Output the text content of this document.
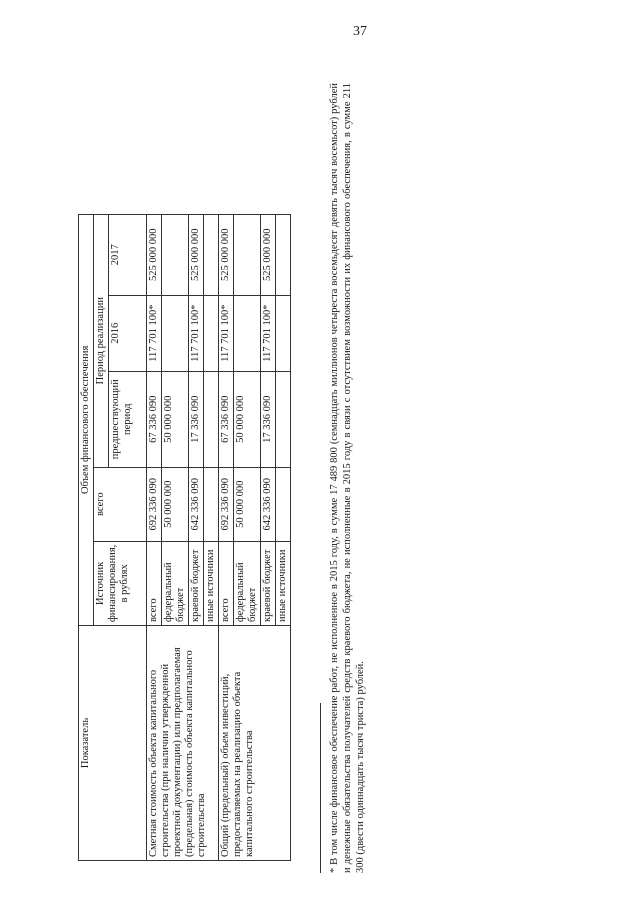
37
Показатель	Объем финансового обеспечения				
	Источник финансирования, в рублях	всего	Период реализации		
			предшествующий период	2016	2017
Сметная стоимость объекта капитального строительства (при наличии утвержденной проектной документации) или предполагаемая (предельная) стоимость объекта капитального строительства	всего	692 336 090	67 336 090	117 701 100*	525 000 000
	федеральный бюджет	50 000 000	50 000 000		
	краевой бюджет	642 336 090	17 336 090	117 701 100*	525 000 000
	иные источники				
Общий (предельный) объем инвестиций, предоставляемых на реализацию объекта капитального строительства	всего	692 336 090	67 336 090	117 701 100*	525 000 000
	федеральный бюджет	50 000 000	50 000 000		
	краевой бюджет	642 336 090	17 336 090	117 701 100*	525 000 000
	иные источники					* В том числе финансовое обеспечение работ, не исполненное в 2015 году, в сумме 17 489 800 (семнадцать миллионов четыреста восемьдесят девять тысяч восемьсот) рублей и денежные обязательства получателей средств краевого бюджета, не исполненные в 2015 году в связи с отсутствием возможности их финансового обеспечения, в сумме 211 300 (двести одиннадцать тысяч триста) рублей.
